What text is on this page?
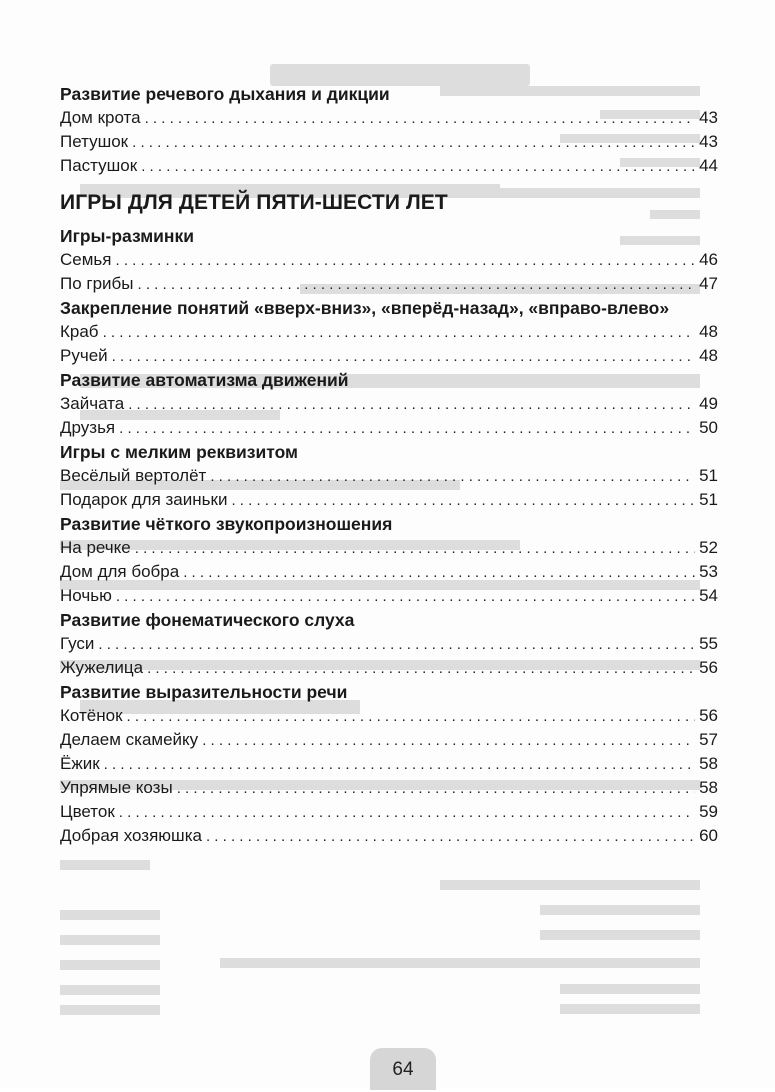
Развитие речевого дыхания и дикции
Дом крота . . .	43
Петушок . . .	43
Пастушок . . .	44
ИГРЫ ДЛЯ ДЕТЕЙ ПЯТИ-ШЕСТИ ЛЕТ
Игры-разминки
Семья . . .	46
По грибы . . .	47
Закрепление понятий «вверх-вниз», «вперёд-назад», «вправо-влево»
Краб . . .	48
Ручей . . .	48
Развитие автоматизма движений
Зайчата . . .	49
Друзья . . .	50
Игры с мелким реквизитом
Весёлый вертолёт . . .	51
Подарок для заиньки . . .	51
Развитие чёткого звукопроизношения
На речке . . .	52
Дом для бобра . . .	53
Ночью . . .	54
Развитие фонематического слуха
Гуси . . .	55
Жужелица . . .	56
Развитие выразительности речи
Котёнок . . .	56
Делаем скамейку . . .	57
Ёжик . . .	58
Упрямые козы . . .	58
Цветок . . .	59
Добрая хозяюшка . . .	60
64
